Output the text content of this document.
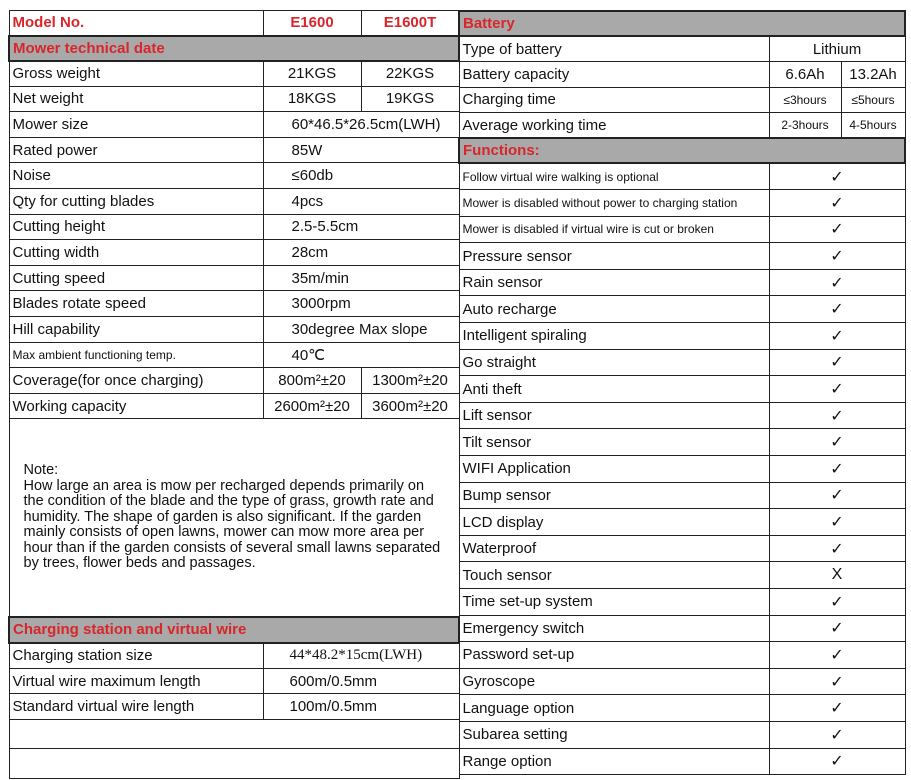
Model No.	E1600	E1600T
Mower technical date		
Gross weight	21KGS	22KGS
Net weight	18KGS	19KGS
Mower size	60*46.5*26.5cm(LWH)	
Rated power	85W	
Noise	≤60db	
Qty for cutting blades	4pcs	
Cutting height	2.5-5.5cm	
Cutting width	28cm	
Cutting speed	35m/min	
Blades rotate speed	3000rpm	
Hill capability	30degree Max slope	
Max ambient functioning temp.	40℃	
Coverage(for once charging)	800m²±20	1300m²±20
Working capacity	2600m²±20	3600m²±20

Note:
How large an area is mow per recharged depends primarily on the condition of the blade and the type of grass, growth rate and humidity. The shape of garden is also significant. If the garden mainly consists of open lawns, mower can mow more area per hour than if the garden consists of several small lawns separated by trees, flower beds and passages.		

Charging station and virtual wire		
Charging station size	44*48.2*15cm(LWH)	
Virtual wire maximum length	600m/0.5mm	
Standard virtual wire length	100m/0.5mm	

Battery		
Type of battery	Lithium	
Battery capacity	6.6Ah	13.2Ah
Charging time	≤3hours	≤5hours
Average working time	2-3hours	4-5hours
Functions:		
Follow virtual wire walking is optional	✓	
Mower is disabled without power to charging station	✓	
Mower is disabled if virtual wire is cut or broken	✓	
Pressure sensor	✓	
Rain sensor	✓	
Auto recharge	✓	
Intelligent spiraling	✓	
Go straight	✓	
Anti theft	✓	
Lift sensor	✓	
Tilt sensor	✓	
WIFI Application	✓	
Bump sensor	✓	
LCD display	✓	
Waterproof	✓	
Touch sensor	X	
Time set-up system	✓	
Emergency switch	✓	
Password set-up	✓	
Gyroscope	✓	
Language option	✓	
Subarea setting	✓	
Range option	✓	
